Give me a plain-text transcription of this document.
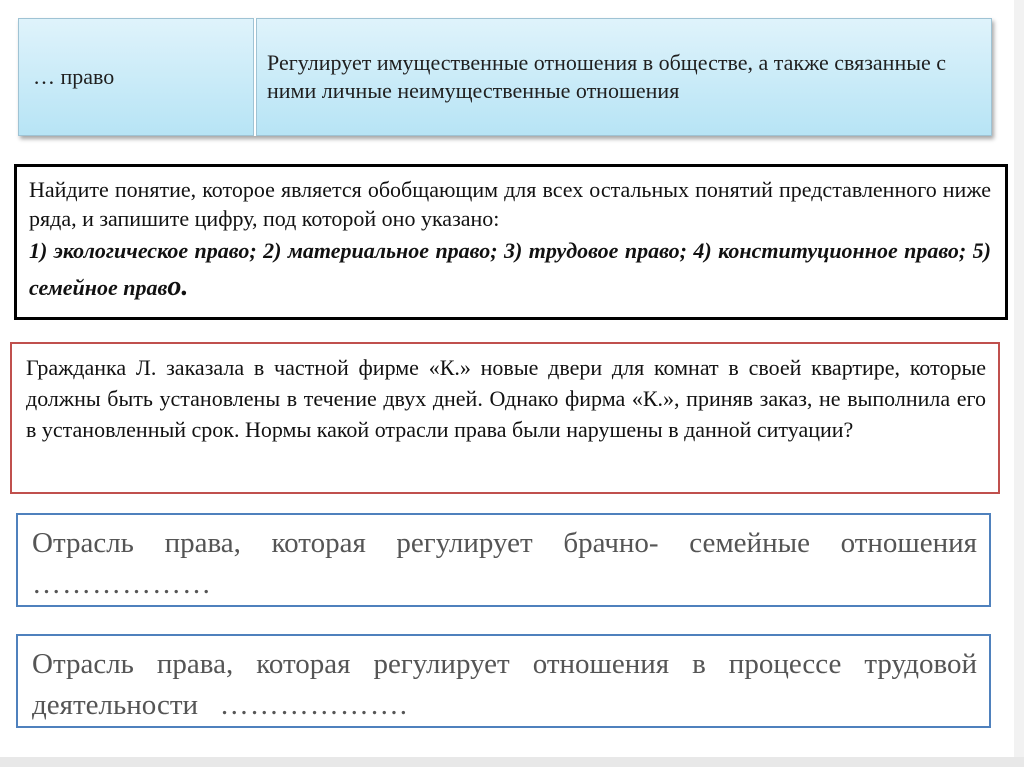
… право
Регулирует имущественные отношения в обществе, а также связанные с ними личные неимущественные отношения
Найдите понятие, которое является обобщающим для всех остальных понятий представленного ниже ряда, и запишите цифру, под которой оно указано:
1) экологическое право; 2) материальное право; 3) трудовое право; 4) конституционное право; 5) семейное право.
Гражданка Л. заказала в частной фирме «К.» новые двери для комнат в своей квартире, которые должны быть установлены в течение двух дней. Однако фирма «К.», приняв заказ, не выполнила его в установленный срок. Нормы какой отрасли права были нарушены в данной ситуации?
Отрасль права, которая регулирует брачно- семейные отношения ………………
Отрасль права, которая регулирует отношения в процессе трудовой деятельности ……………….
